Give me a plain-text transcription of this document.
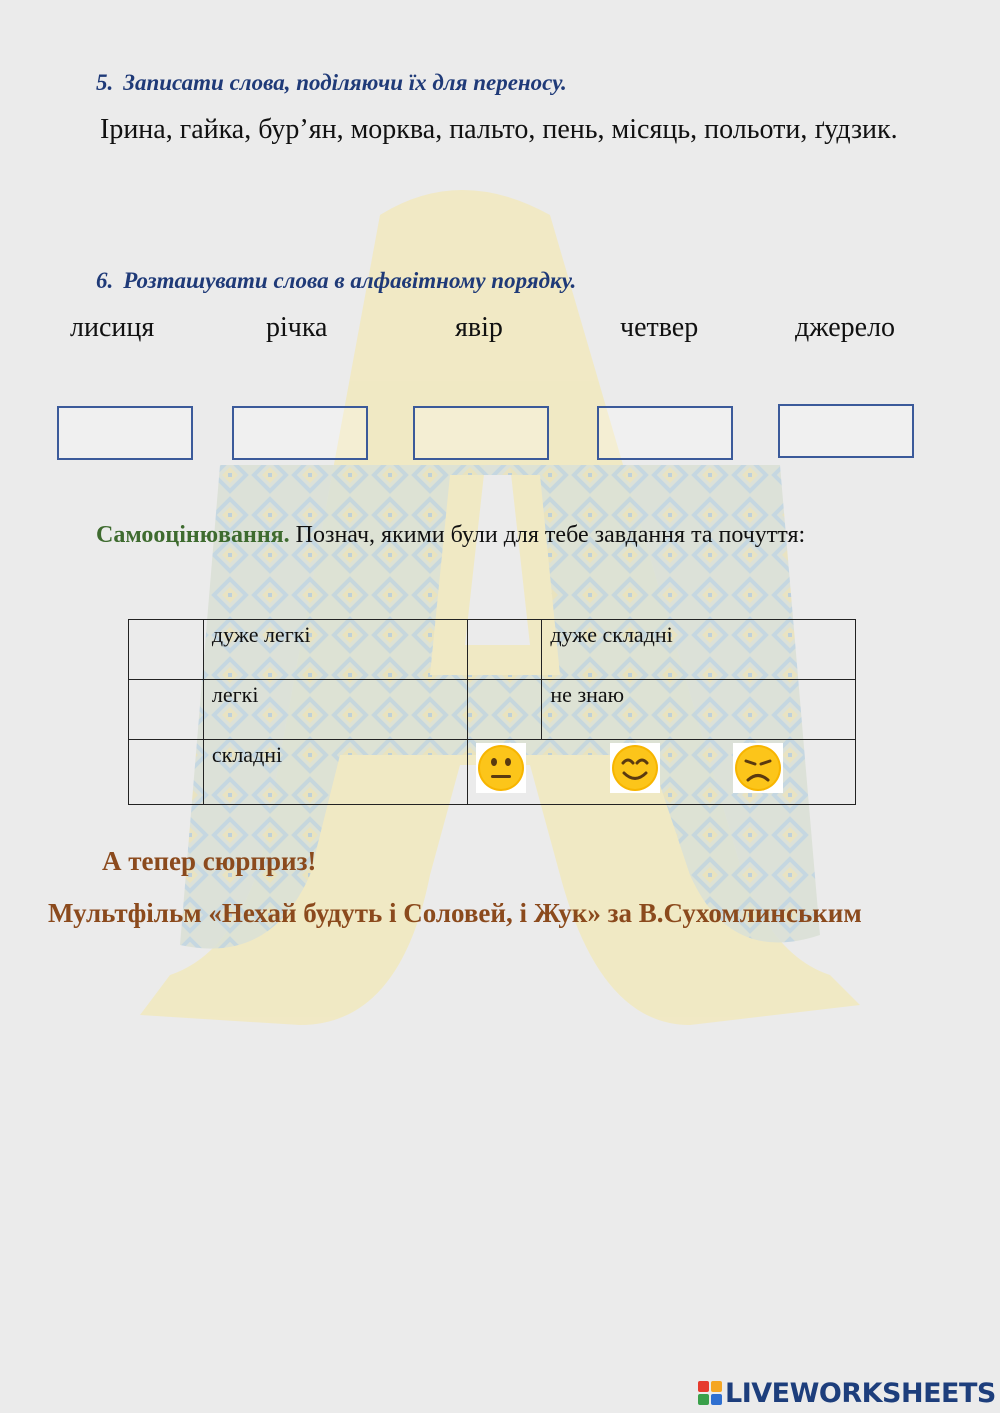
5. Записати слова, поділяючи їх для переносу.
Ірина, гайка, бур’ян, морква, пальто, пень, місяць, польоти, ґудзик.
6. Розташувати слова в алфавітному порядку.
лисиця	річка	явір	четвер	джерело
Самооцінювання. Познач, якими були для тебе завдання та почуття:
	дуже легкі		дуже складні
	легкі		не знаю
	складні	
А тепер сюрприз!
Мультфільм «Нехай будуть і Соловей, і Жук» за В.Сухомлинським
LIVEWORKSHEETS
